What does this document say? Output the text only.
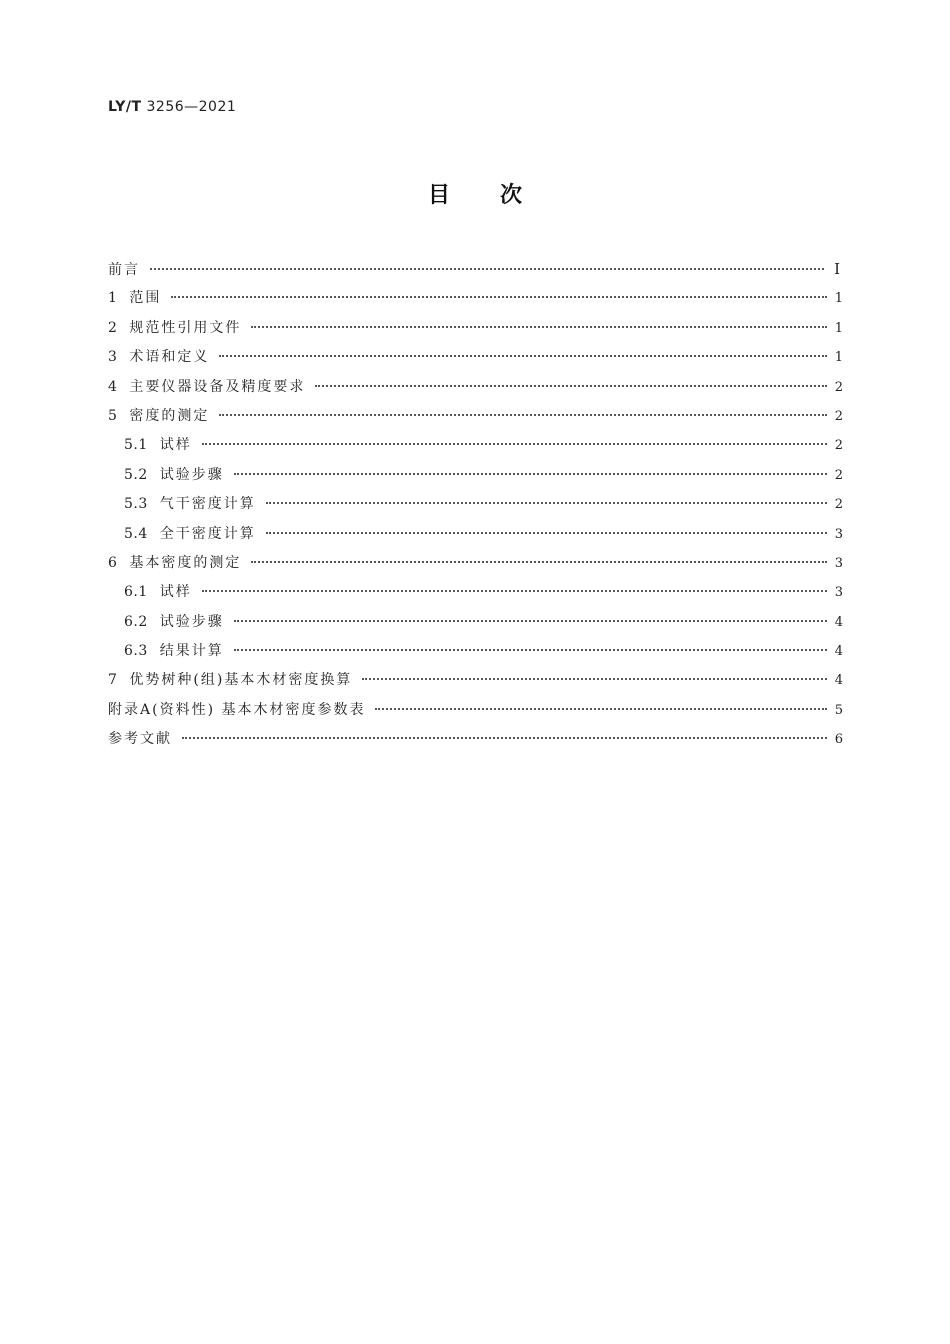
LY/T 3256—2021
目次
前言	Ⅰ
1 范围	1
2 规范性引用文件	1
3 术语和定义	1
4 主要仪器设备及精度要求	2
5 密度的测定	2
5.1 试样	2
5.2 试验步骤	2
5.3 气干密度计算	2
5.4 全干密度计算	3
6 基本密度的测定	3
6.1 试样	3
6.2 试验步骤	4
6.3 结果计算	4
7 优势树种(组)基本木材密度换算	4
附录A(资料性) 基本木材密度参数表	5
参考文献	6
